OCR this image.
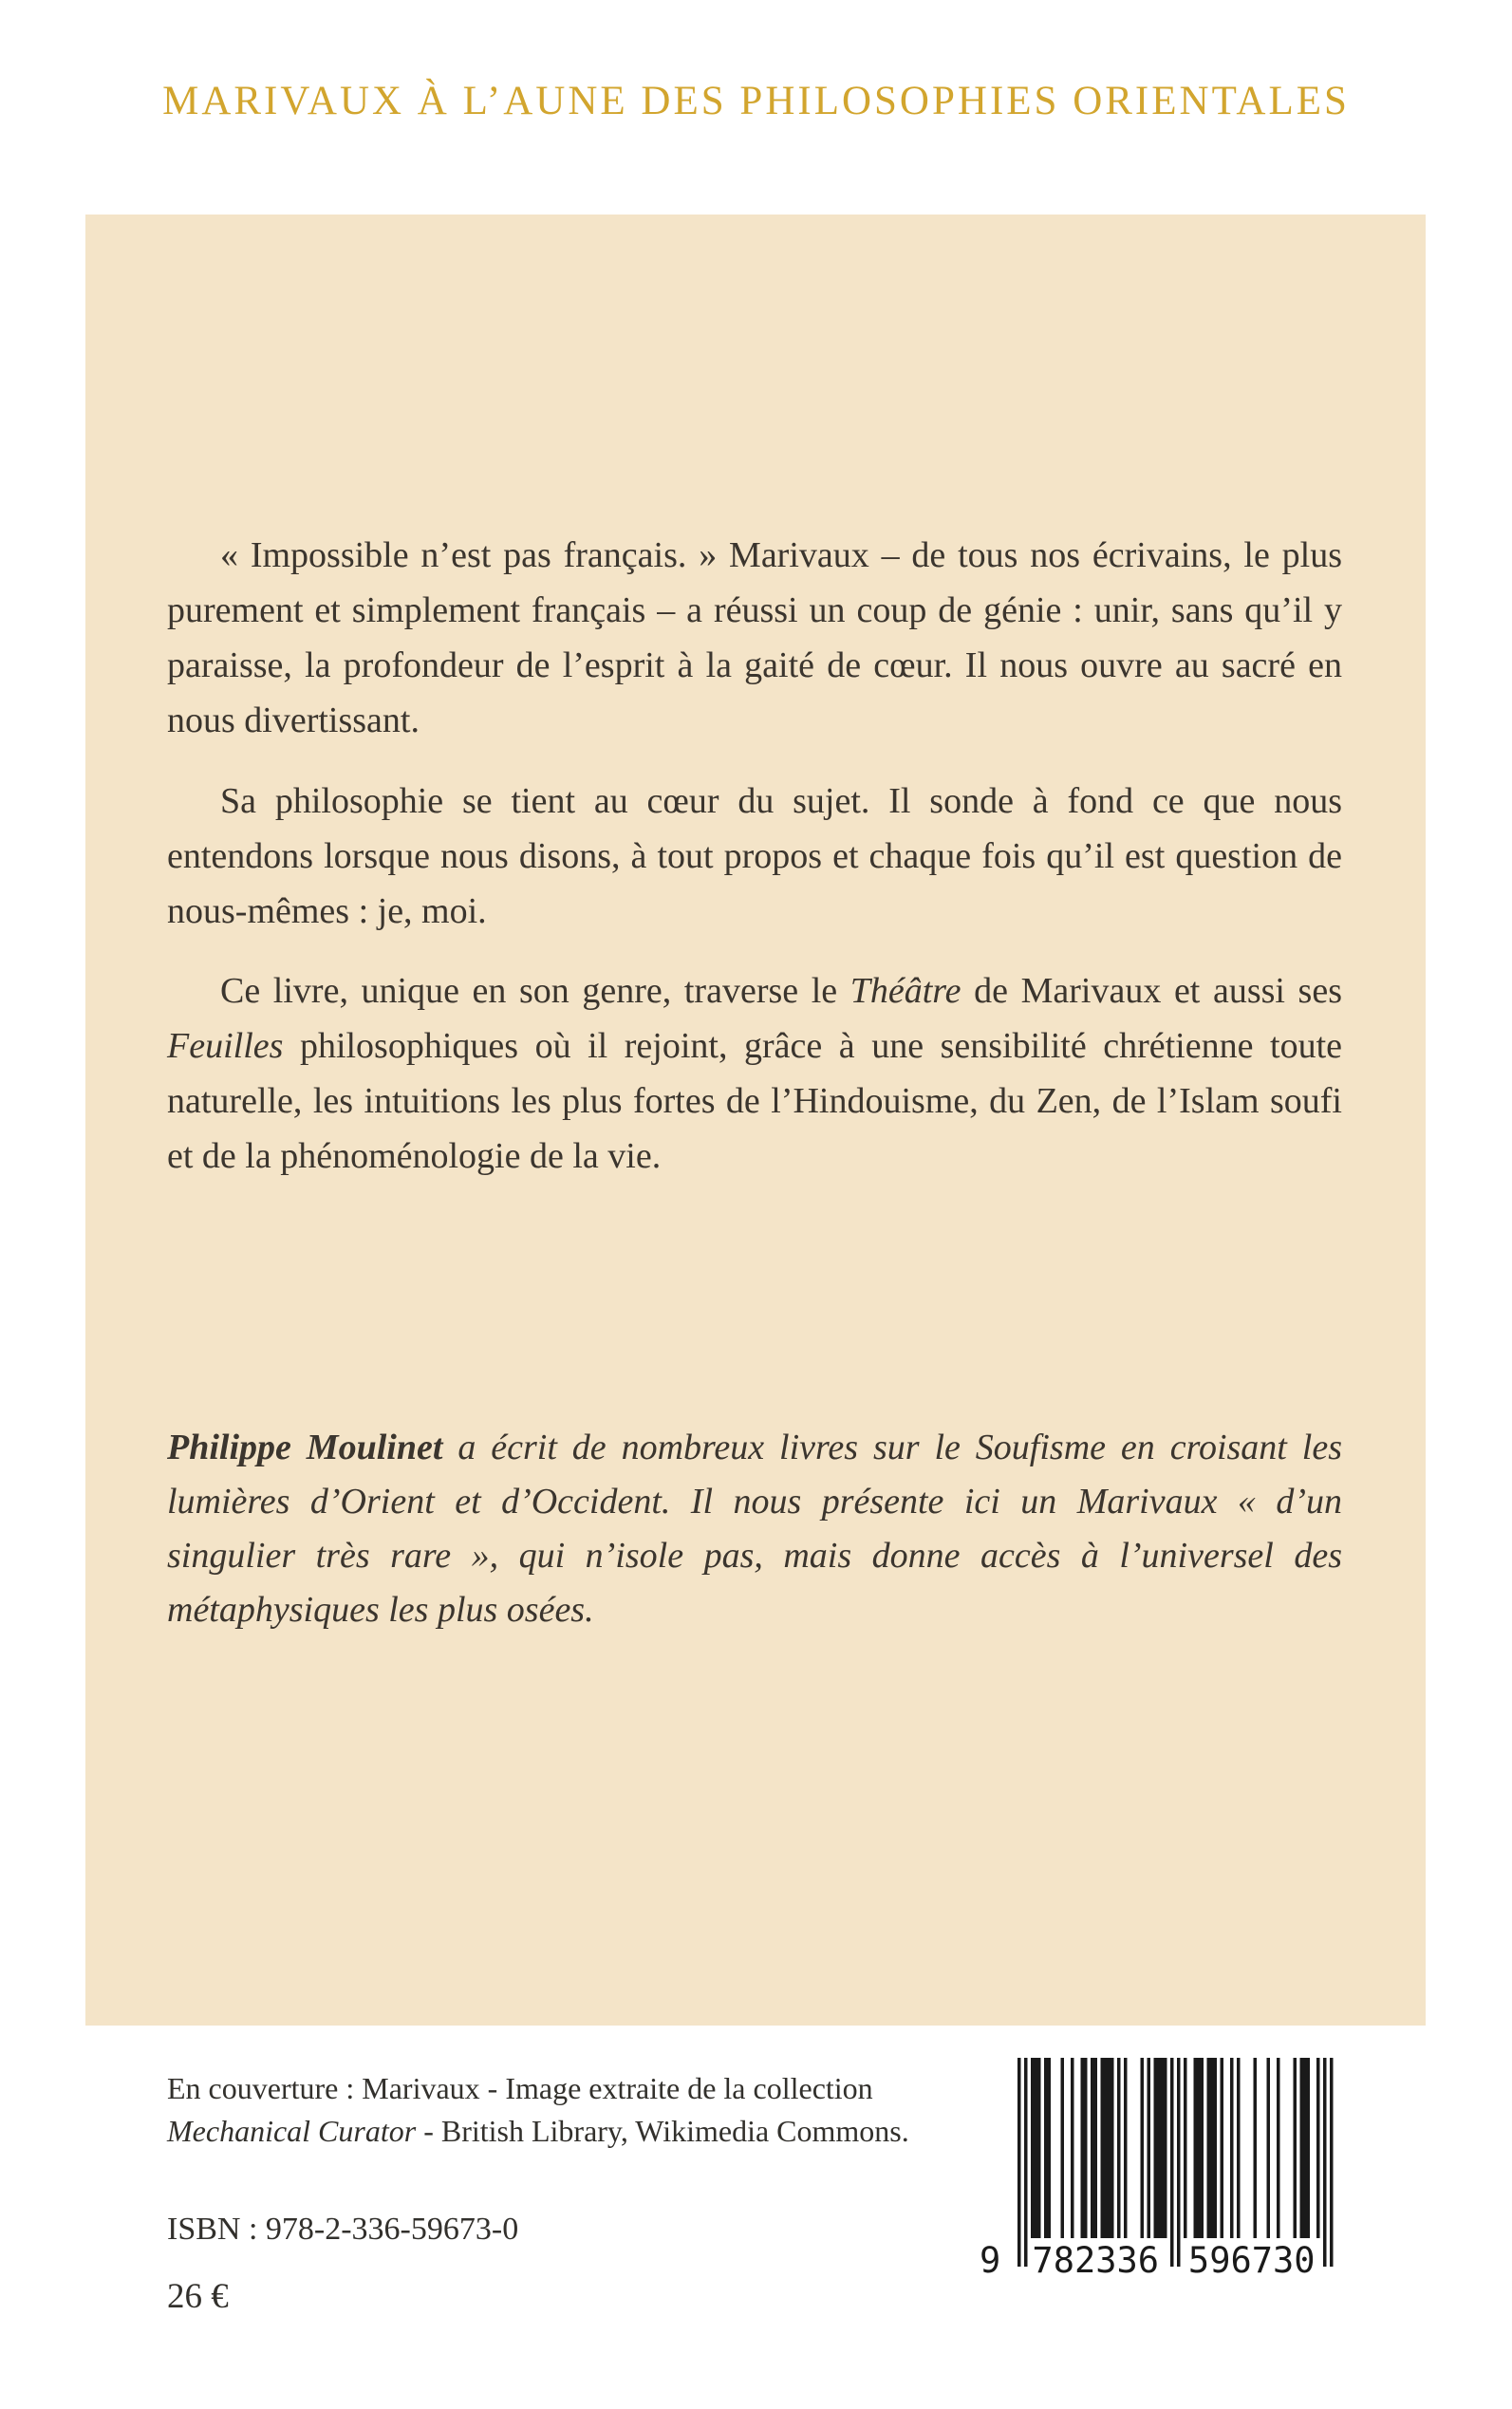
MARIVAUX À L’AUNE DES PHILOSOPHIES ORIENTALES

« Impossible n’est pas français. » Marivaux – de tous nos écrivains, le plus purement et simplement français – a réussi un coup de génie : unir, sans qu’il y paraisse, la profondeur de l’esprit à la gaité de cœur. Il nous ouvre au sacré en nous divertissant.

Sa philosophie se tient au cœur du sujet. Il sonde à fond ce que nous entendons lorsque nous disons, à tout propos et chaque fois qu’il est question de nous-mêmes : je, moi.

Ce livre, unique en son genre, traverse le Théâtre de Marivaux et aussi ses Feuilles philosophiques où il rejoint, grâce à une sensibilité chrétienne toute naturelle, les intuitions les plus fortes de l’Hindouisme, du Zen, de l’Islam soufi et de la phénoménologie de la vie.

Philippe Moulinet a écrit de nombreux livres sur le Soufisme en croisant les lumières d’Orient et d’Occident. Il nous présente ici un Marivaux « d’un singulier très rare », qui n’isole pas, mais donne accès à l’universel des métaphysiques les plus osées.

En couverture : Marivaux - Image extraite de la collection
Mechanical Curator - British Library, Wikimedia Commons.
ISBN : 978-2-336-59673-0
26 €
9 782336 596730
